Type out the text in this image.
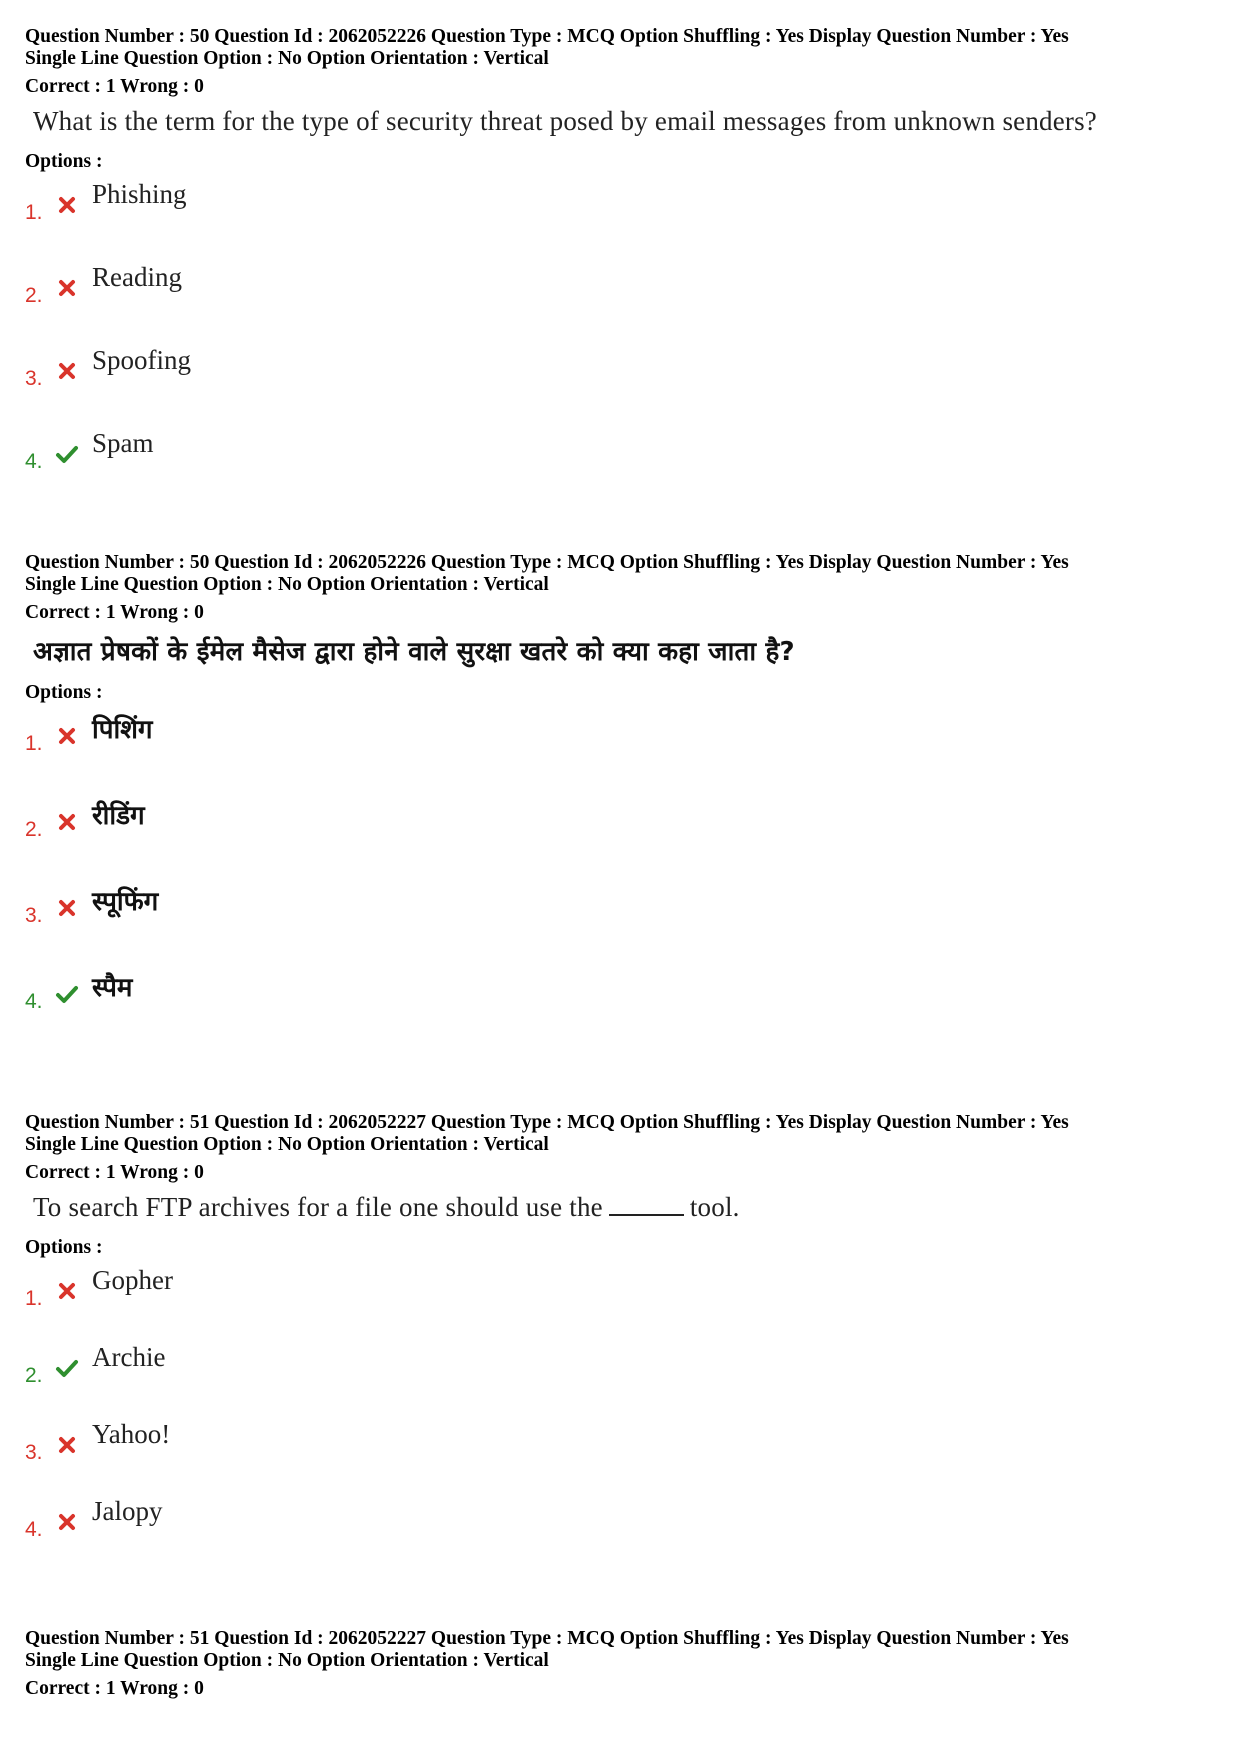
Question Number : 50 Question Id : 2062052226 Question Type : MCQ Option Shuffling : Yes Display Question Number : Yes
Single Line Question Option : No Option Orientation : Vertical
Correct : 1 Wrong : 0
What is the term for the type of security threat posed by email messages from unknown senders?
Options :
1.
Phishing
2.
Reading
3.
Spoofing
4.
Spam
Question Number : 50 Question Id : 2062052226 Question Type : MCQ Option Shuffling : Yes Display Question Number : Yes
Single Line Question Option : No Option Orientation : Vertical
Correct : 1 Wrong : 0
अज्ञात प्रेषकों के ईमेल मैसेज द्वारा होने वाले सुरक्षा खतरे को क्या कहा जाता है?
Options :
1. पिशिंग
2. रीडिंग
3. स्पूफिंग
4. स्पैम
Question Number : 51 Question Id : 2062052227 Question Type : MCQ Option Shuffling : Yes Display Question Number : Yes
Single Line Question Option : No Option Orientation : Vertical
Correct : 1 Wrong : 0
To search FTP archives for a file one should use the	tool.
Options :
1.
Gopher
2.
Archie
3.
Yahoo!
4.
Jalopy
Question Number : 51 Question Id : 2062052227 Question Type : MCQ Option Shuffling : Yes Display Question Number : Yes
Single Line Question Option : No Option Orientation : Vertical
Correct : 1 Wrong : 0
